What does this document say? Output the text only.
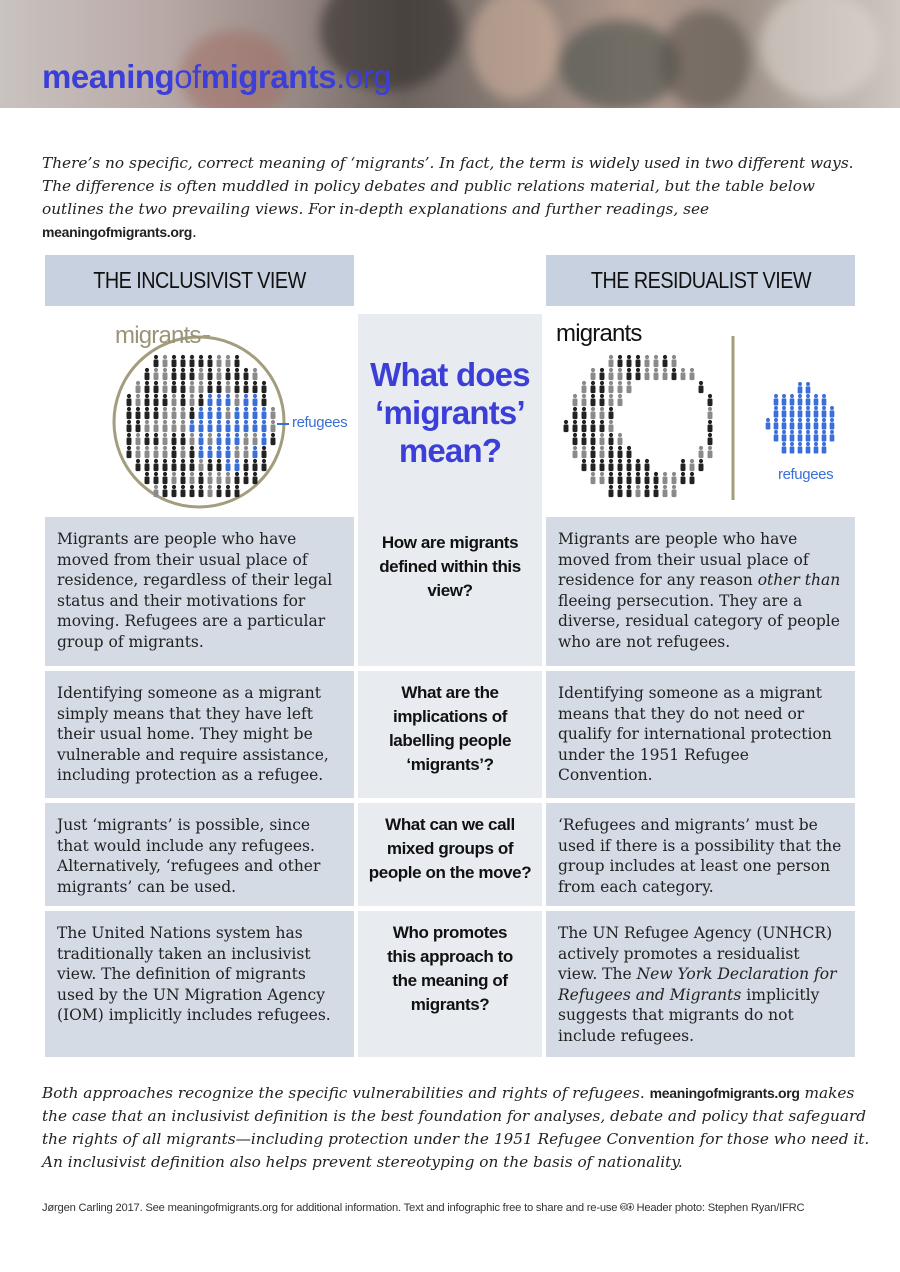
meaningofmigrants.org
There’s no specific, correct meaning of ‘migrants’. In fact, the term is widely used in two different ways. The difference is often muddled in policy debates and public relations material, but the table below outlines the two prevailing views. For in-depth explanations and further readings, see meaningofmigrants.org.
THE INCLUSIVIST VIEW	THE RESIDUALIST VIEW
What does
‘migrants’
mean?
migrants
refugees
migrants
refugees
Migrants are people who have moved from their usual place of residence, regardless of their legal status and their motivations for moving. Refugees are a particular group of migrants.
How are migrants defined within this view?
Migrants are people who have moved from their usual place of residence for any reason other than fleeing persecution. They are a diverse, residual category of people who are not refugees.
Identifying someone as a migrant simply means that they have left their usual home. They might be vulnerable and require assistance, including protection as a refugee.
What are the implications of labelling people ‘migrants’?
Identifying someone as a migrant means that they do not need or qualify for international protection under the 1951 Refugee Convention.
Just ‘migrants’ is possible, since that would include any refugees. Alternatively, ‘refugees and other migrants’ can be used.
What can we call mixed groups of people on the move?
‘Refugees and migrants’ must be used if there is a possibility that the group includes at least one person from each category.
The United Nations system has traditionally taken an inclusivist view. The definition of migrants used by the UN Migration Agency (IOM) implicitly includes refugees.
Who promotes this approach to the meaning of migrants?
The UN Refugee Agency (UNHCR) actively promotes a residualist view. The New York Declaration for Refugees and Migrants implicitly suggests that migrants do not include refugees.
Both approaches recognize the specific vulnerabilities and rights of refugees. meaningofmigrants.org makes the case that an inclusivist definition is the best foundation for analyses, debate and policy that safeguard the rights of all migrants—including protection under the 1951 Refugee Convention for those who need it. An inclusivist definition also helps prevent stereotyping on the basis of nationality.
Jørgen Carling 2017. See meaningofmigrants.org for additional information. Text and infographic free to share and re-use 🅭🅯 Header photo: Stephen Ryan/IFRC
